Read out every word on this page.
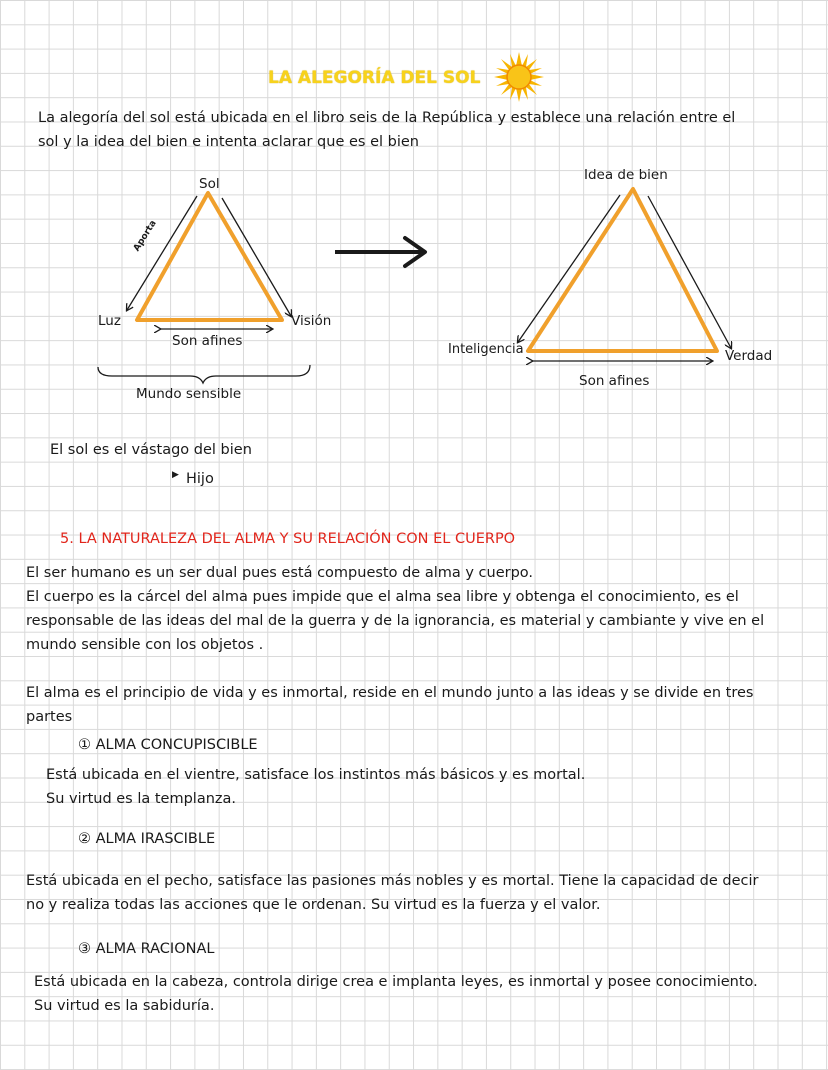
LA ALEGORÍA DEL SOL
La alegoría del sol está ubicada en el libro seis de la República y establece una relación entre el
sol y la idea del bien e intenta aclarar que es el bien
Sol
Luz	Visión
Aporta
Son afines
Mundo sensible
Idea de bien
Inteligencia	Verdad
Son afines
El sol es el vástago del bien
▶ Hijo
5. LA NATURALEZA DEL ALMA Y SU RELACIÓN CON EL CUERPO
El ser humano es un ser dual pues está compuesto de alma y cuerpo.
El cuerpo es la cárcel del alma pues impide que el alma sea libre y obtenga el conocimiento, es el
responsable de las ideas del mal de la guerra y de la ignorancia, es material y cambiante y vive en el
mundo sensible con los objetos .
El alma es el principio de vida y es inmortal, reside en el mundo junto a las ideas y se divide en tres
partes
① ALMA CONCUPISCIBLE
Está ubicada en el vientre, satisface los instintos más básicos y es mortal.
Su virtud es la templanza.
② ALMA IRASCIBLE
Está ubicada en el pecho, satisface las pasiones más nobles y es mortal. Tiene la capacidad de decir
no y realiza todas las acciones que le ordenan. Su virtud es la fuerza y el valor.
③ ALMA RACIONAL
Está ubicada en la cabeza, controla dirige crea e implanta leyes, es inmortal y posee conocimiento.
Su virtud es la sabiduría.
